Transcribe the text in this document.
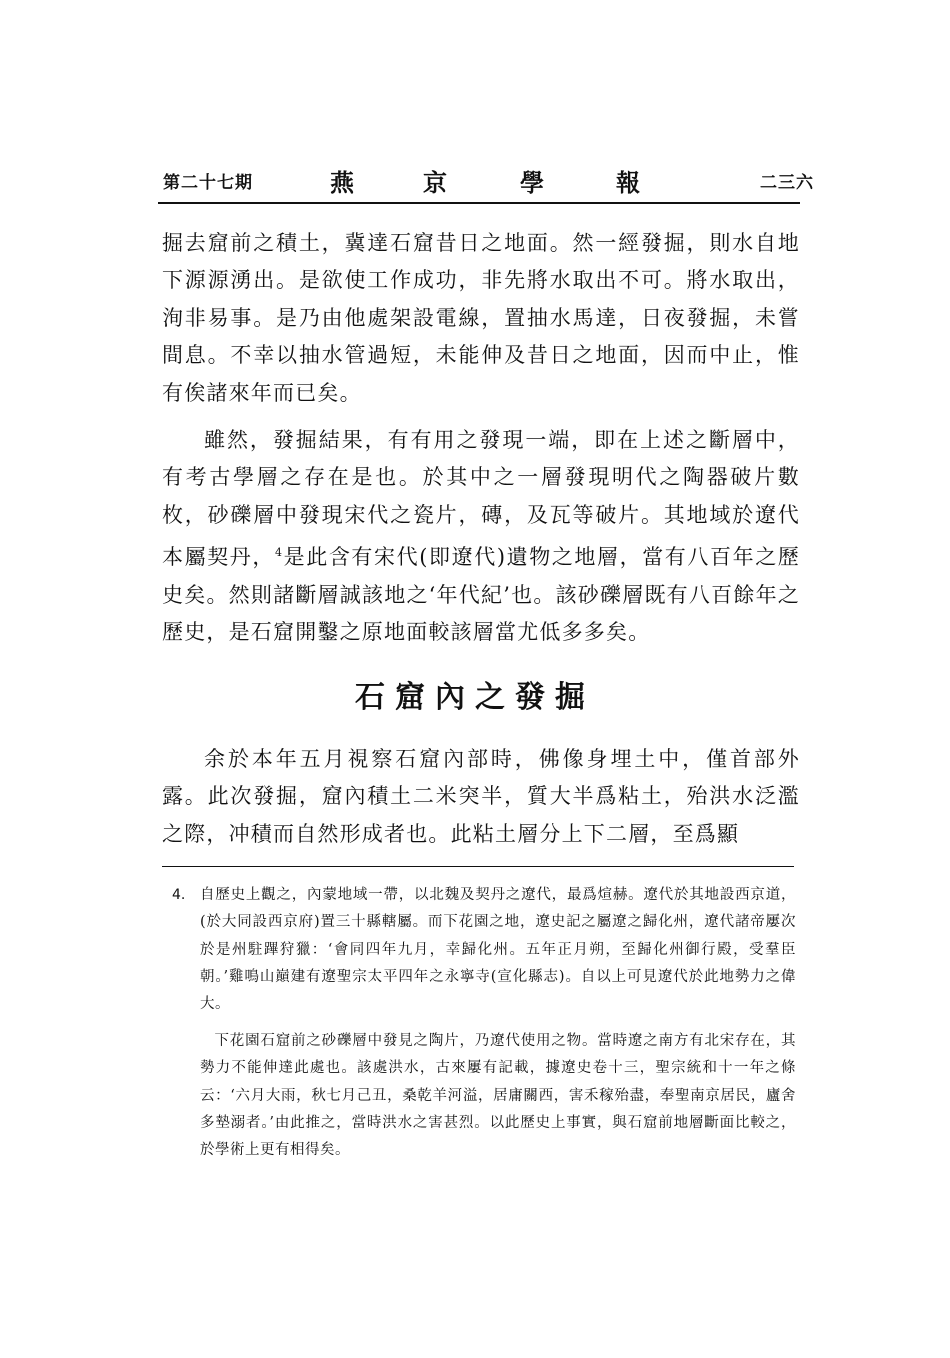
第二十七期	燕	京	學	報	二三六

掘去窟前之積土，冀達石窟昔日之地面。然一經發掘，則水自地下源源湧出。是欲使工作成功，非先將水取出不可。將水取出，洵非易事。是乃由他處架設電線，置抽水馬達，日夜發掘，未嘗間息。不幸以抽水管過短，未能伸及昔日之地面，因而中止，惟有俟諸來年而已矣。

雖然，發掘結果，有有用之發現一端，即在上述之斷層中，有考古學層之存在是也。於其中之一層發現明代之陶器破片數枚，砂礫層中發現宋代之瓷片，磚，及瓦等破片。其地域於遼代本屬契丹，$^4$是此含有宋代(即遼代)遺物之地層，當有八百年之歷史矣。然則諸斷層誠該地之‘年代紀’也。該砂礫層既有八百餘年之歷史，是石窟開鑿之原地面較該層當尤低多多矣。

石窟內之發掘

余於本年五月視察石窟內部時，佛像身埋土中，僅首部外露。此次發掘，窟內積土二米突半，質大半爲粘土，殆洪水泛濫之際，冲積而自然形成者也。此粘土層分上下二層，至爲顯

4. 自歷史上觀之，內蒙地域一帶，以北魏及契丹之遼代，最爲煊赫。遼代於其地設西京道，(於大同設西京府)置三十縣轄屬。而下花園之地，遼史記之屬遼之歸化州，遼代諸帝屢次於是州駐蹕狩獵：‘會同四年九月，幸歸化州。五年正月朔，至歸化州御行殿，受羣臣朝。’雞鳴山巔建有遼聖宗太平四年之永寧寺(宣化縣志)。自以上可見遼代於此地勢力之偉大。

下花園石窟前之砂礫層中發見之陶片，乃遼代使用之物。當時遼之南方有北宋存在，其勢力不能伸達此處也。該處洪水，古來屢有記載，據遼史卷十三，聖宗統和十一年之條云：‘六月大雨，秋七月己丑，桑乾羊河溢，居庸關西，害禾稼殆盡，奉聖南京居民，廬舍多墊溺者。’由此推之，當時洪水之害甚烈。以此歷史上事實，與石窟前地層斷面比較之，於學術上更有相得矣。
